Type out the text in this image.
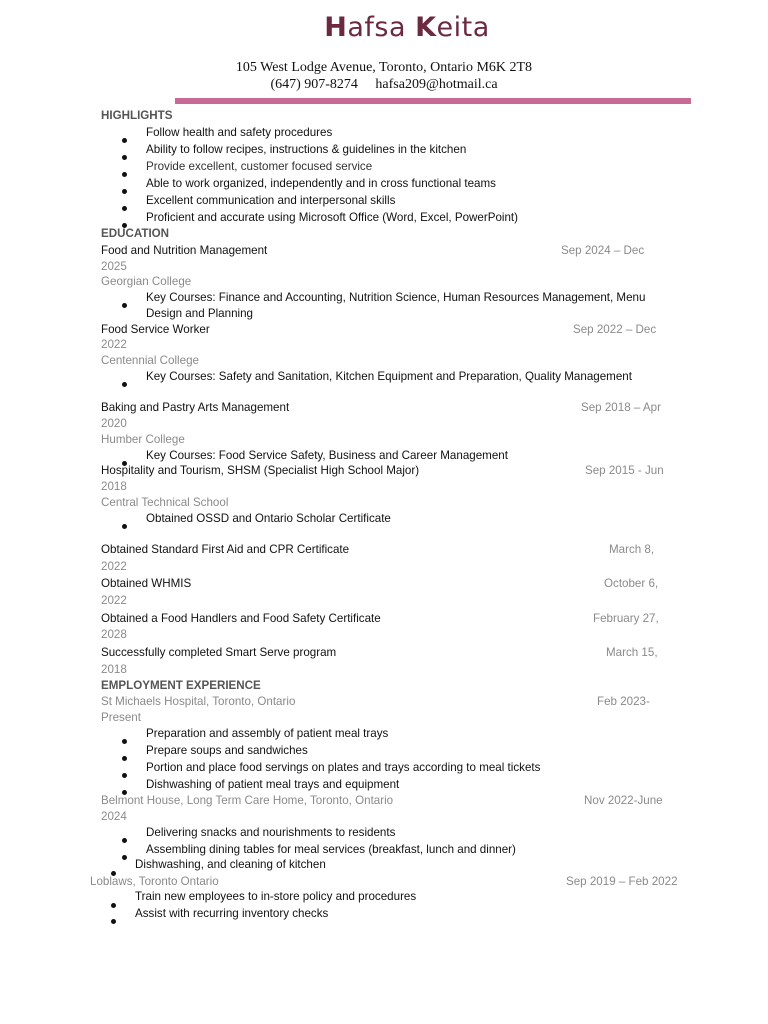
Hafsa Keita
105 West Lodge Avenue, Toronto, Ontario M6K 2T8
(647) 907-8274     hafsa209@hotmail.ca
HIGHLIGHTS
Follow health and safety procedures
Ability to follow recipes, instructions & guidelines in the kitchen
Provide excellent, customer focused service
Able to work organized, independently and in cross functional teams
Excellent communication and interpersonal skills
Proficient and accurate using Microsoft Office (Word, Excel, PowerPoint)
EDUCATION
Food and Nutrition Management	Sep 2024 – Dec
2025
Georgian College
Key Courses: Finance and Accounting, Nutrition Science, Human Resources Management, Menu
Design and Planning
Food Service Worker	Sep 2022 – Dec
2022
Centennial College
Key Courses: Safety and Sanitation, Kitchen Equipment and Preparation, Quality Management
Baking and Pastry Arts Management	Sep 2018 – Apr
2020
Humber College
Key Courses: Food Service Safety, Business and Career Management
Hospitality and Tourism, SHSM (Specialist High School Major)	Sep 2015 - Jun
2018
Central Technical School
Obtained OSSD and Ontario Scholar Certificate
Obtained Standard First Aid and CPR Certificate	March 8,
2022
Obtained WHMIS	October 6,
2022
Obtained a Food Handlers and Food Safety Certificate	February 27,
2028
Successfully completed Smart Serve program	March 15,
2018
EMPLOYMENT EXPERIENCE
St Michaels Hospital, Toronto, Ontario	Feb 2023-
Present
Preparation and assembly of patient meal trays
Prepare soups and sandwiches
Portion and place food servings on plates and trays according to meal tickets
Dishwashing of patient meal trays and equipment
Belmont House, Long Term Care Home, Toronto, Ontario	Nov 2022-June
2024
Delivering snacks and nourishments to residents
Assembling dining tables for meal services (breakfast, lunch and dinner)
Dishwashing, and cleaning of kitchen
Loblaws, Toronto Ontario	Sep 2019 – Feb 2022
Train new employees to in-store policy and procedures
Assist with recurring inventory checks
